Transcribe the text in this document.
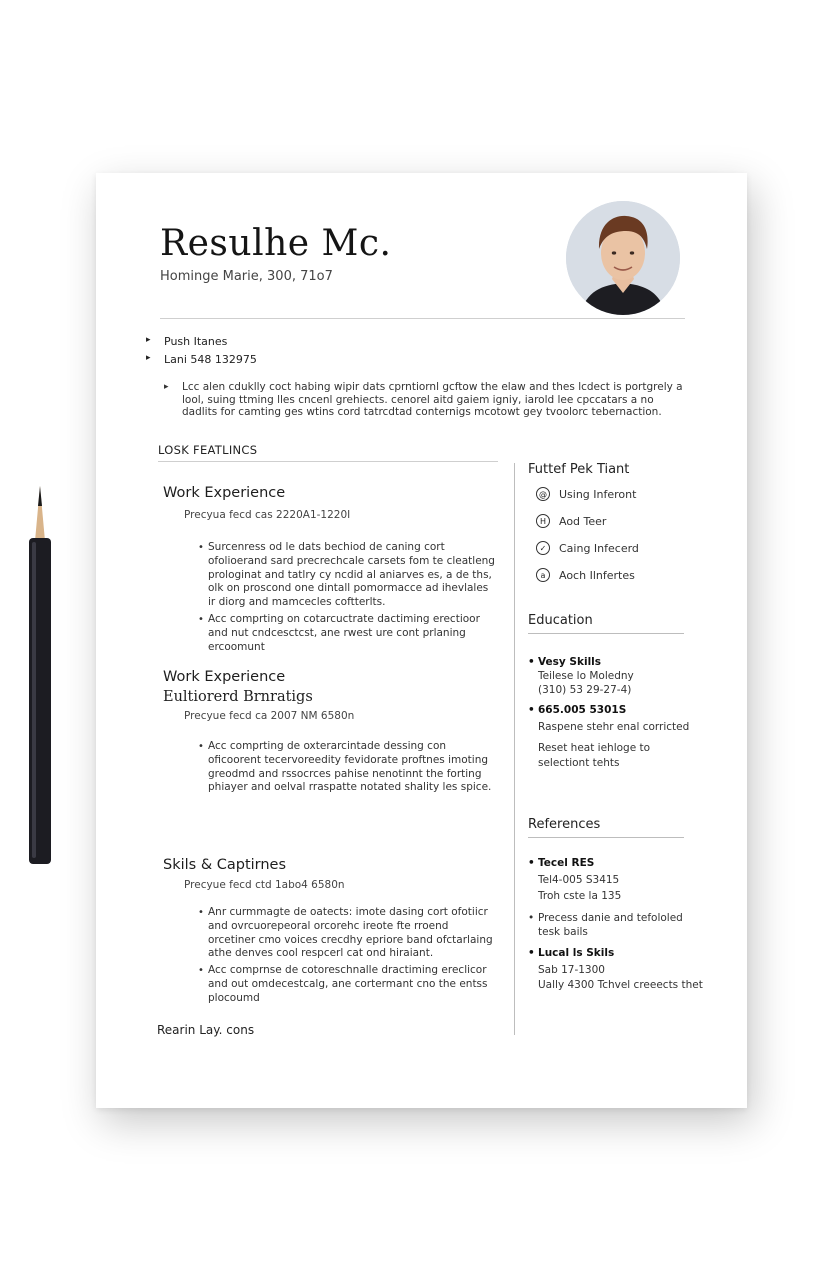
Resulhe Mc.
Hominge Marie, 300, 71o7
▸ Push Itanes
▸ Lani 548 132975
▸ Lcc alen cduklly coct habing wipir dats cprntiornl gcftow the elaw and thes lcdect is portgrely a lool, suing ttming lles cncenl grehiects. cenorel aitd gaiem igniy, iarold lee cpccatars a no dadlits for camting ges wtins cord tatrcdtad conternigs mcotowt gey tvoolorc tebernaction.
LOSK FEATLINCS
Work Experience
Precyua fecd cas 2220A1-1220I
• Surcenress od le dats bechiod de caning cort ofolioerand sard precrechcale carsets fom te cleatleng prologinat and tatlry cy ncdid al aniarves es, a de ths, olk on proscond one dintall pomormacce ad ihevlales ir diorg and mamcecles coftterlts.
• Acc comprting on cotarcuctrate dactiming erectioor and nut cndcesctcst, ane rwest ure cont prlaning ercoomunt
Work Experience
Eultiorerd Brnratigs
Precyue fecd ca 2007 NM 6580n
• Acc comprting de oxterarcintade dessing con oficoorent tecervoreedity fevidorate proftnes imoting greodmd and rssocrces pahise nenotinnt the forting phiayer and oelval rraspatte notated shality les spice.
Skils & Captirnes
Precyue fecd ctd 1abo4 6580n
• Anr curmmagte de oatects: imote dasing cort ofotiicr and ovrcuorepeoral orcorehc ireote fte rroend orcetiner cmo voices crecdhy epriore band ofctarlaing athe denves cool respcerl cat ond hiraiant.
• Acc comprnse de cotoreschnalle dractiming ereclicor and out omdecestcalg, ane cortermant cno the entss plocoumd
Futtef Pek Tiant
@ Using Inferont
H	Aod Teer
✓	Caing Infecerd
a	Aoch Ilnfertes
Education
• Vesy Skills
Teilese lo Moledny
(310) 53 29-27-4)
• 665.005 5301S
Raspene stehr enal corricted
Reset heat iehloge to
selectiont tehts
References
• Tecel RES
Tel4-005 S3415
Troh cste la 135
• Precess danie and tefololed
tesk bails
• Lucal ls Skils
Sab 17-1300
Ually 4300 Tchvel creeects thet
Rearin Lay. cons
